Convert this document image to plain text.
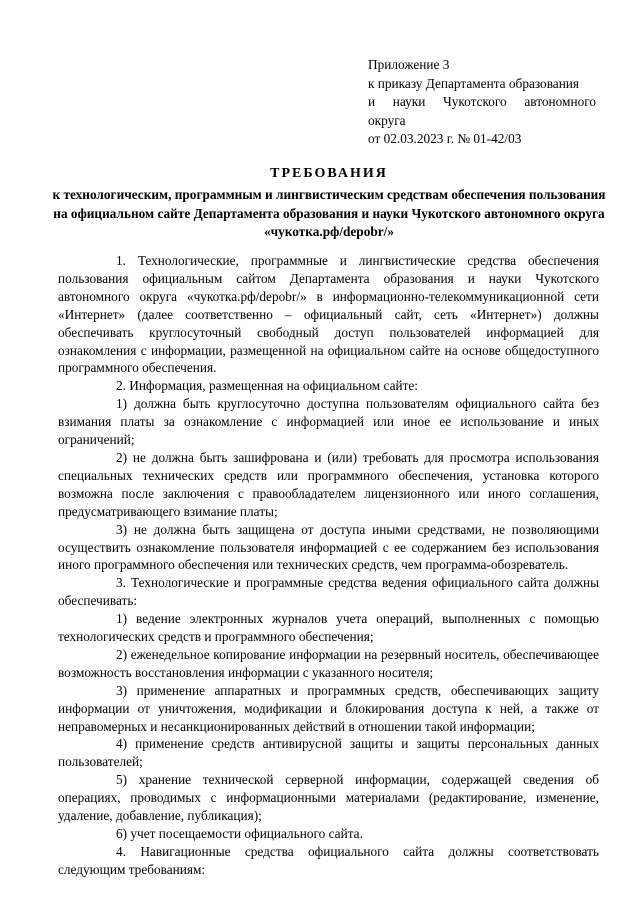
Приложение 3
к приказу Департамента образования
и науки Чукотского автономного
округа
от 02.03.2023 г. № 01-42/03
ТРЕБОВАНИЯ
к технологическим, программным и лингвистическим средствам обеспечения пользования на официальном сайте Департамента образования и науки Чукотского автономного округа «чукотка.рф/depobr/»

1. Технологические, программные и лингвистические средства обеспечения пользования официальным сайтом Департамента образования и науки Чукотского автономного округа «чукотка.рф/depobr/» в информационно-телекоммуникационной сети «Интернет» (далее соответственно – официальный сайт, сеть «Интернет») должны обеспечивать круглосуточный свободный доступ пользователей информацией для ознакомления с информации, размещенной на официальном сайте на основе общедоступного программного обеспечения.

2. Информация, размещенная на официальном сайте:

1) должна быть круглосуточно доступна пользователям официального сайта без взимания платы за ознакомление с информацией или иное ее использование и иных ограничений;

2) не должна быть зашифрована и (или) требовать для просмотра использования специальных технических средств или программного обеспечения, установка которого возможна после заключения с правообладателем лицензионного или иного соглашения, предусматривающего взимание платы;

3) не должна быть защищена от доступа иными средствами, не позволяющими осуществить ознакомление пользователя информацией с ее содержанием без использования иного программного обеспечения или технических средств, чем программа-обозреватель.

3. Технологические и программные средства ведения официального сайта должны обеспечивать:

1) ведение электронных журналов учета операций, выполненных с помощью технологических средств и программного обеспечения;

2) еженедельное копирование информации на резервный носитель, обеспечивающее возможность восстановления информации с указанного носителя;

3) применение аппаратных и программных средств, обеспечивающих защиту информации от уничтожения, модификации и блокирования доступа к ней, а также от неправомерных и несанкционированных действий в отношении такой информации;

4) применение средств антивирусной защиты и защиты персональных данных пользователей;

5) хранение технической серверной информации, содержащей сведения об операциях, проводимых с информационными материалами (редактирование, изменение, удаление, добавление, публикация);

6) учет посещаемости официального сайта.

4. Навигационные средства официального сайта должны соответствовать следующим требованиям:
